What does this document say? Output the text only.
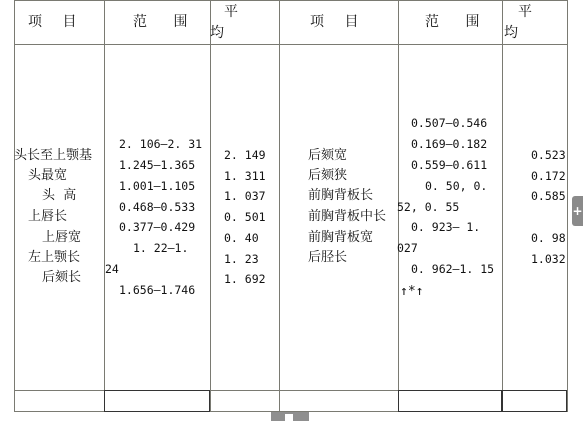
项 目	范 围
平
均
项 目	范 围
平
均
头长至上颚基
头最宽
头  高
上唇长
上唇宽
左上颚长
后颏长
2. 106—2. 31
1.245—1.365
1.001—1.105
0.468—0.533
0.377—0.429
1. 22—1.
24
1.656—1.746
2. 149
1. 311
1. 037
0. 501
0. 40
1. 23
1. 692
后颏宽
后颏狭
前胸背板长
前胸背板中长
前胸背板宽
后胫长
0.507—0.546
0.169—0.182
0.559—0.611
0. 50, 0.
52, 0. 55
0. 923— 1.
027
0. 962—1. 15
↑*↑
0.523
0.172
0.585
0. 98
1.032
+
